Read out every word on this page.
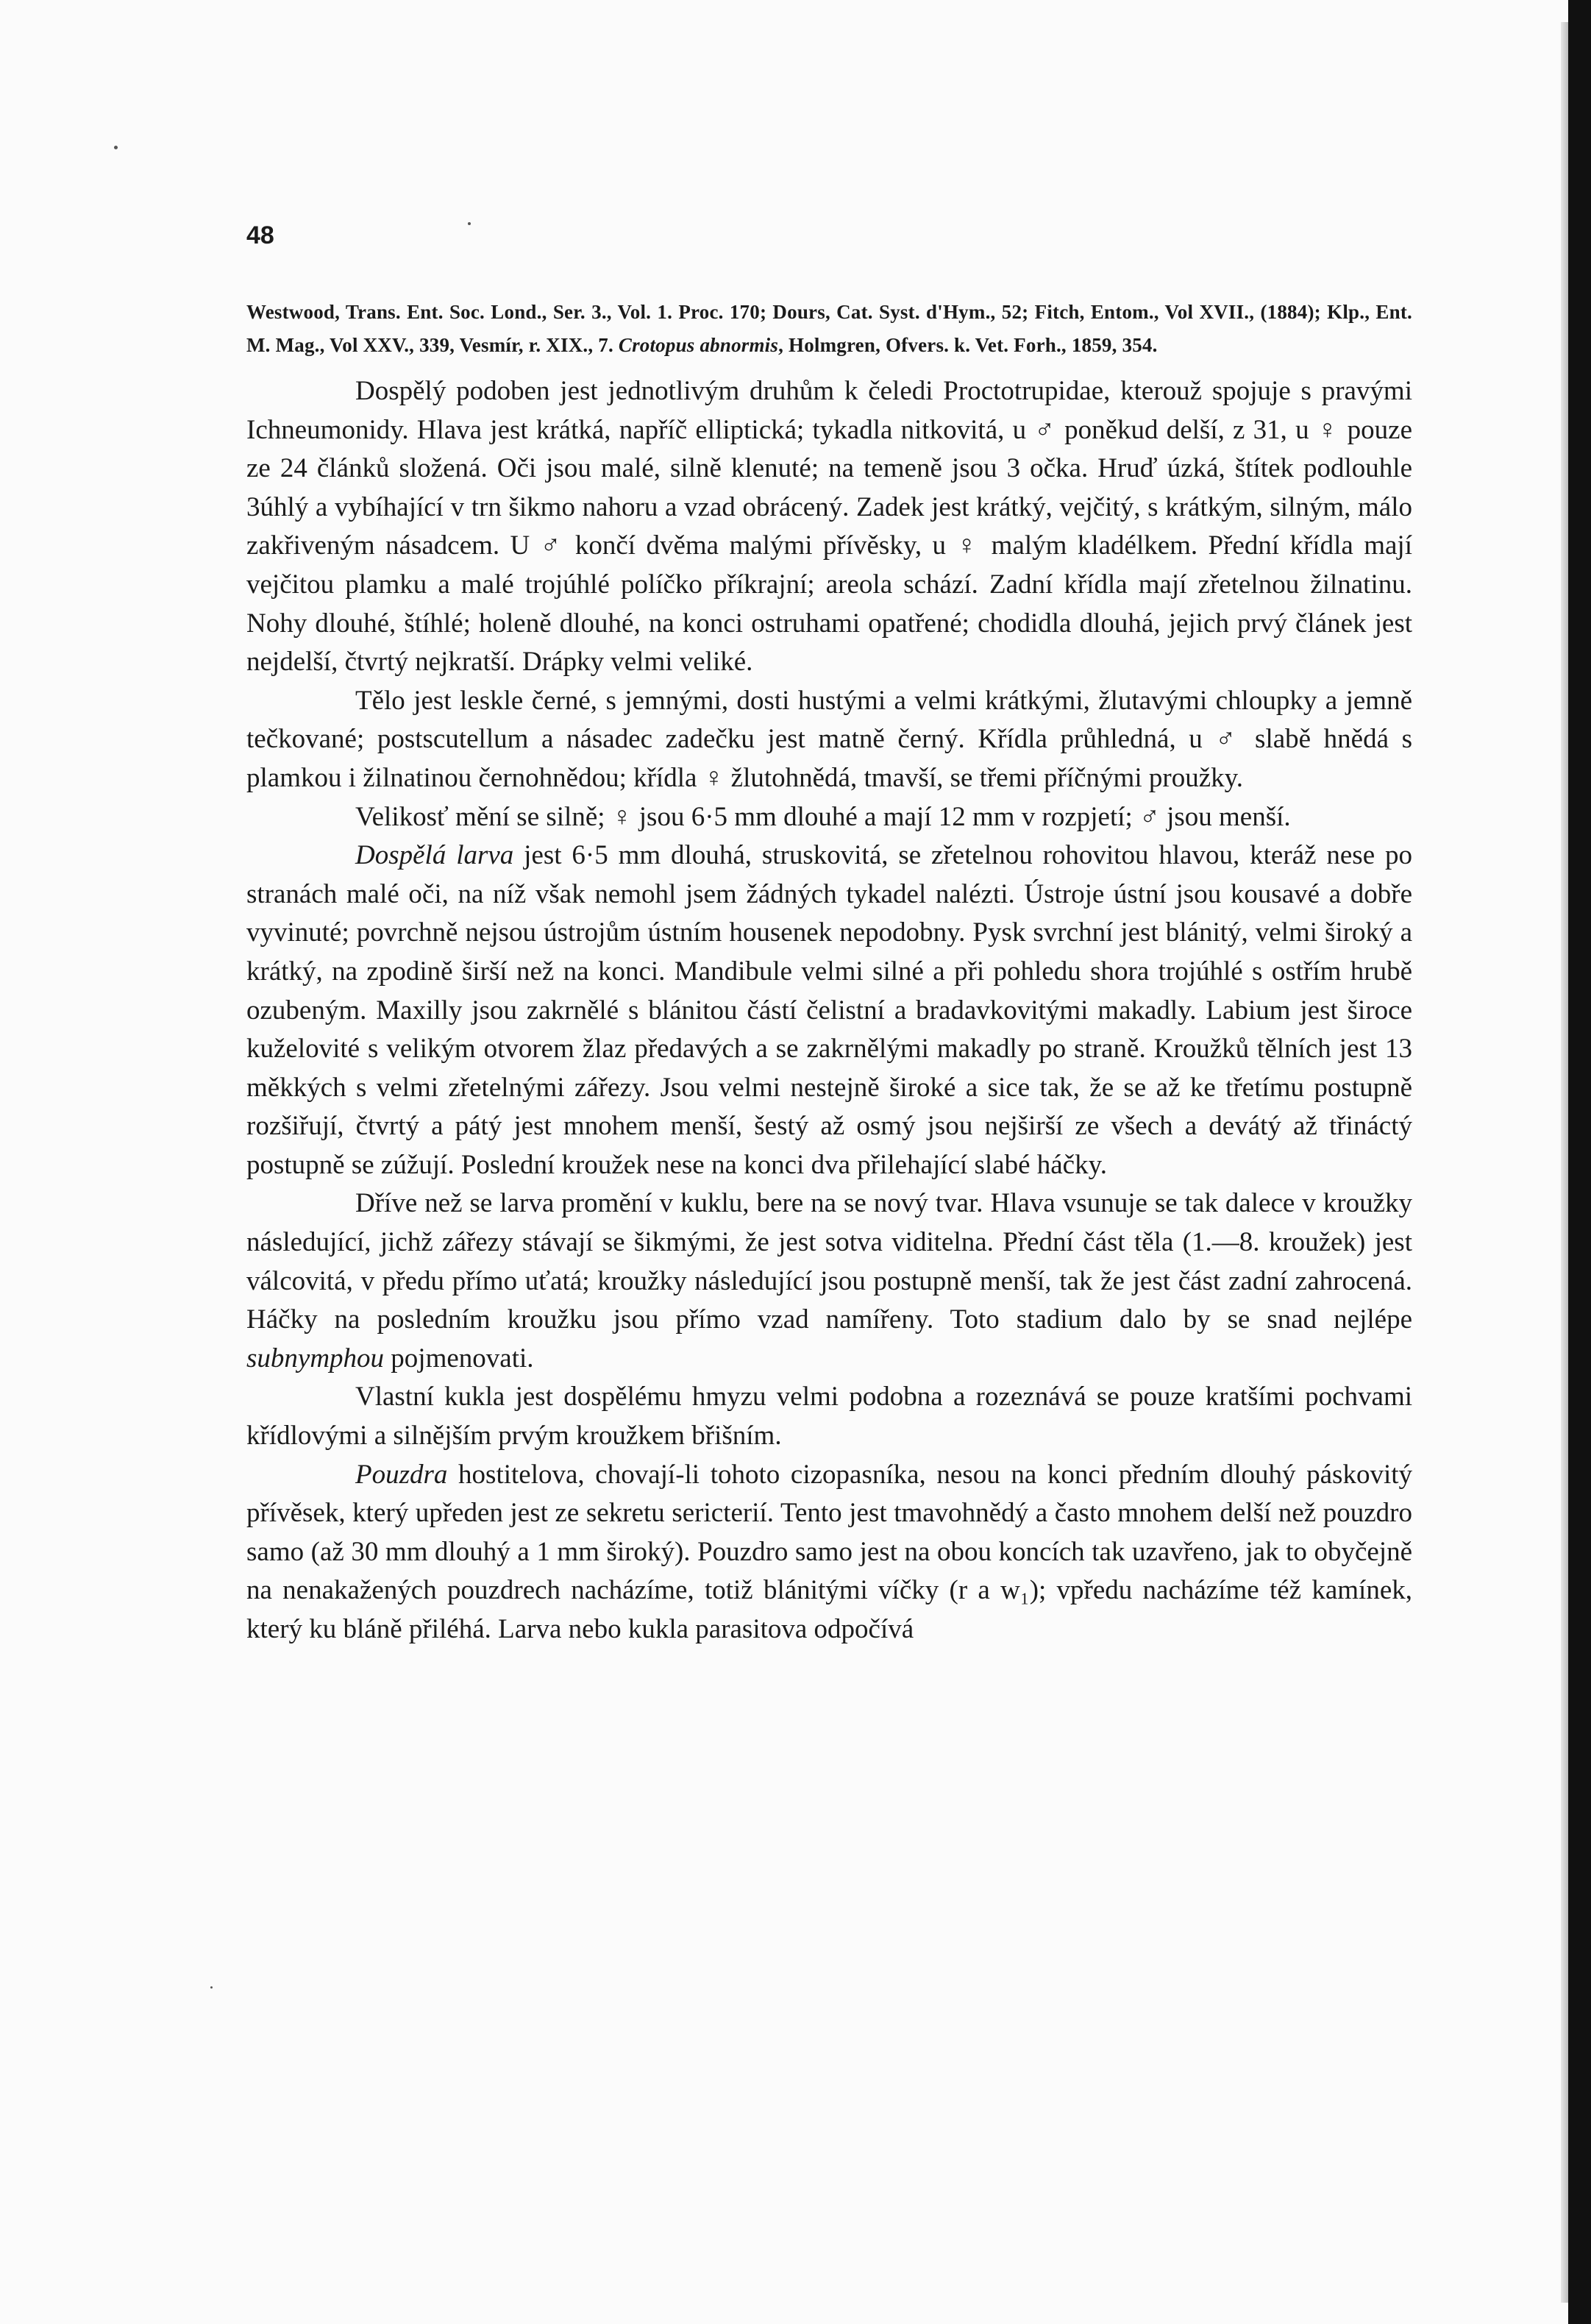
48

Westwood, Trans. Ent. Soc. Lond., Ser. 3., Vol. 1. Proc. 170; Dours, Cat. Syst. d'Hym., 52; Fitch, Entom., Vol XVII., (1884); Klp., Ent. M. Mag., Vol XXV., 339, Vesmír, r. XIX., 7. Crotopus abnormis, Holmgren, Ofvers. k. Vet. Forh., 1859, 354.

Dospělý podoben jest jednotlivým druhům k čeledi Proctotrupidae, kterouž spojuje s pravými Ichneumonidy. Hlava jest krátká, napříč elliptická; tykadla nitkovitá, u ♂ poněkud delší, z 31, u ♀ pouze ze 24 článků složená. Oči jsou malé, silně klenuté; na temeně jsou 3 očka. Hruď úzká, štítek podlouhle 3úhlý a vybíhající v trn šikmo nahoru a vzad obrácený. Zadek jest krátký, vejčitý, s krátkým, silným, málo zakřiveným násadcem. U ♂ končí dvěma malými přívěsky, u ♀ malým kladélkem. Přední křídla mají vejčitou plamku a malé trojúhlé políčko příkrajní; areola schází. Zadní křídla mají zřetelnou žilnatinu. Nohy dlouhé, štíhlé; holeně dlouhé, na konci ostruhami opatřené; chodidla dlouhá, jejich prvý článek jest nejdelší, čtvrtý nejkratší. Drápky velmi veliké.

Tělo jest leskle černé, s jemnými, dosti hustými a velmi krátkými, žlutavými chloupky a jemně tečkované; postscutellum a násadec zadečku jest matně černý. Křídla průhledná, u ♂ slabě hnědá s plamkou i žilnatinou černohnědou; křídla ♀ žlutohnědá, tmavší, se třemi příčnými proužky.

Velikosť mění se silně; ♀ jsou 6·5 mm dlouhé a mají 12 mm v rozpjetí; ♂ jsou menší.

Dospělá larva jest 6·5 mm dlouhá, struskovitá, se zřetelnou rohovitou hlavou, kteráž nese po stranách malé oči, na níž však nemohl jsem žádných tykadel nalézti. Ústroje ústní jsou kousavé a dobře vyvinuté; povrchně nejsou ústrojům ústním housenek nepodobny. Pysk svrchní jest blánitý, velmi široký a krátký, na zpodině širší než na konci. Mandibule velmi silné a při pohledu shora trojúhlé s ostřím hrubě ozubeným. Maxilly jsou zakrnělé s blánitou částí čelistní a bradavkovitými makadly. Labium jest široce kuželovité s velikým otvorem žlaz předavých a se zakrnělými makadly po straně. Kroužků tělních jest 13 měkkých s velmi zřetelnými zářezy. Jsou velmi nestejně široké a sice tak, že se až ke třetímu postupně rozšiřují, čtvrtý a pátý jest mnohem menší, šestý až osmý jsou nejširší ze všech a devátý až třináctý postupně se zúžují. Poslední kroužek nese na konci dva přilehající slabé háčky.

Dříve než se larva promění v kuklu, bere na se nový tvar. Hlava vsunuje se tak dalece v kroužky následující, jichž zářezy stávají se šikmými, že jest sotva viditelna. Přední část těla (1.—8. kroužek) jest válcovitá, v předu přímo uťatá; kroužky následující jsou postupně menší, tak že jest část zadní zahrocená. Háčky na posledním kroužku jsou přímo vzad namířeny. Toto stadium dalo by se snad nejlépe subnymphou pojmenovati.

Vlastní kukla jest dospělému hmyzu velmi podobna a rozeznává se pouze kratšími pochvami křídlovými a silnějším prvým kroužkem břišním.

Pouzdra hostitelova, chovají-li tohoto cizopasníka, nesou na konci předním dlouhý páskovitý přívěsek, který upředen jest ze sekretu sericterií. Tento jest tmavohnědý a často mnohem delší než pouzdro samo (až 30 mm dlouhý a 1 mm široký). Pouzdro samo jest na obou koncích tak uzavřeno, jak to obyčejně na nenakažených pouzdrech nacházíme, totiž blánitými víčky (r a w₁); vpředu nacházíme též kamínek, který ku bláně přiléhá. Larva nebo kukla parasitova odpočívá
